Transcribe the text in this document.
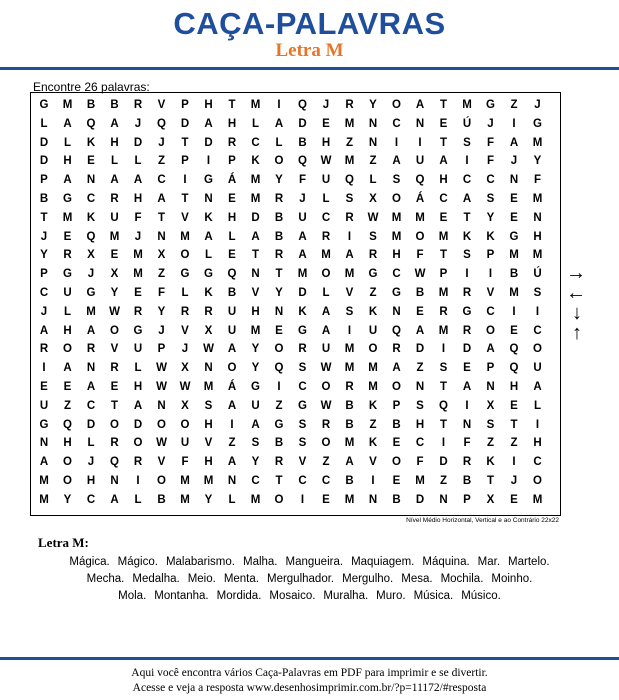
CAÇA-PALAVRAS
Letra M
Encontre 26 palavras:
G	M	B	B	R	V	P	H	T	M	I	Q	J	R	Y	O	A	T	M	G	Z	J
L	A	Q	A	J	Q	D	A	H	L	A	D	E	M	N	C	N	E	Ú	J	I	G
D	L	K	H	D	J	T	D	R	C	L	B	H	Z	N	I	I	T	S	F	A	M
D	H	E	L	L	Z	P	I	P	K	O	Q	W	M	Z	A	U	A	I	F	J	Y
P	A	N	A	A	C	I	G	Á	M	Y	F	U	Q	L	S	Q	H	C	C	N	F
B	G	C	R	H	A	T	N	E	M	R	J	L	S	X	O	Á	C	A	S	E	M
T	M	K	U	F	T	V	K	H	D	B	U	C	R	W	M	M	E	T	Y	E	N
J	E	Q	M	J	N	M	A	L	A	B	A	R	I	S	M	O	M	K	K	G	H
Y	R	X	E	M	X	O	L	E	T	R	A	M	A	R	H	F	T	S	P	M	M
P	G	J	X	M	Z	G	G	Q	N	T	M	O	M	G	C	W	P	I	I	B	Ú
C	U	G	Y	E	F	L	K	B	V	Y	D	L	V	Z	G	B	M	R	V	M	S
J	L	M	W	R	Y	R	R	U	H	N	K	A	S	K	N	E	R	G	C	I	I
A	H	A	O	G	J	V	X	U	M	E	G	A	I	U	Q	A	M	R	O	E	C
R	O	R	V	U	P	J	W	A	Y	O	R	U	M	O	R	D	I	D	A	Q	O
I	A	N	R	L	W	X	N	O	Y	Q	S	W	M	M	A	Z	S	E	P	Q	U
E	E	A	E	H	W	W	M	Á	G	I	C	O	R	M	O	N	T	A	N	H	A
U	Z	C	T	A	N	X	S	A	U	Z	G	W	B	K	P	S	Q	I	X	E	L
G	Q	D	O	D	O	O	H	I	A	G	S	R	B	Z	B	H	T	N	S	T	I
N	H	L	R	O	W	U	V	Z	S	B	S	O	M	K	E	C	I	F	Z	Z	H
A	O	J	Q	R	V	F	H	A	Y	R	V	Z	A	V	O	F	D	R	K	I	C
M	O	H	N	I	O	M	M	N	C	T	C	C	B	I	E	M	Z	B	T	J	O
M	Y	C	A	L	B	M	Y	L	M	O	I	E	M	N	B	D	N	P	X	E	M
Nível Médio Horizontal, Vertical e ao Contrário 22x22
→
←
↓
↑
Letra M:
Mágica. Mágico. Malabarismo. Malha. Mangueira. Maquiagem. Máquina. Mar. Martelo.
Mecha. Medalha. Meio. Menta. Mergulhador. Mergulho. Mesa. Mochila. Moinho.
Mola. Montanha. Mordida. Mosaico. Muralha. Muro. Música. Músico.
Aqui você encontra vários Caça-Palavras em PDF para imprimir e se divertir.
Acesse e veja a resposta www.desenhosimprimir.com.br/?p=11172/#resposta
